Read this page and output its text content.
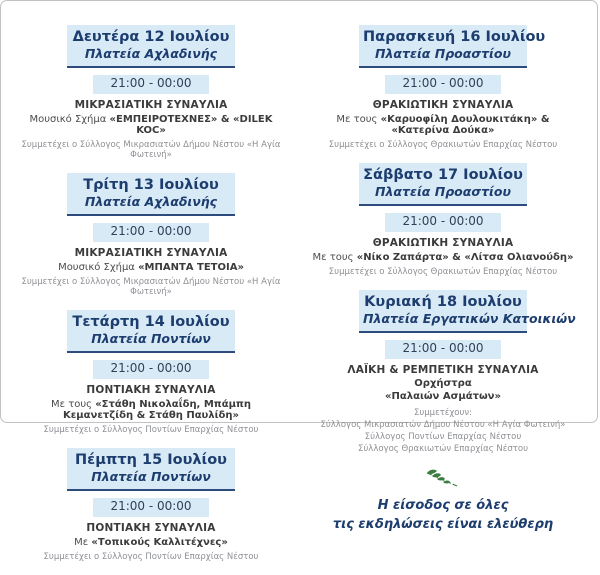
Δευτέρα 12 Ιουλίου
Πλατεία Αχλαδινής
21:00 - 00:00
ΜΙΚΡΑΣΙΑΤΙΚΗ ΣΥΝΑΥΛΙΑ
Μουσικό Σχήμα «ΕΜΠΕΙΡΟΤΕΧΝΕΣ» & «DILEK KOC»
Συμμετέχει ο Σύλλογος Μικρασιατών Δήμου Νέστου «Η Αγία Φωτεινή»
Τρίτη 13 Ιουλίου
Πλατεία Αχλαδινής
21:00 - 00:00
ΜΙΚΡΑΣΙΑΤΙΚΗ ΣΥΝΑΥΛΙΑ
Μουσικό Σχήμα «ΜΠΑΝΤΑ ΤΕΤΟΙΑ»
Συμμετέχει ο Σύλλογος Μικρασιατών Δήμου Νέστου «Η Αγία Φωτεινή»
Τετάρτη 14 Ιουλίου
Πλατεία Ποντίων
21:00 - 00:00
ΠΟΝΤΙΑΚΗ ΣΥΝΑΥΛΙΑ
Με τους «Στάθη Νικολαΐδη, Μπάμπη Κεμανετζίδη & Στάθη Παυλίδη»
Συμμετέχει ο Σύλλογος Ποντίων Επαρχίας Νέστου
Πέμπτη 15 Ιουλίου
Πλατεία Ποντίων
21:00 - 00:00
ΠΟΝΤΙΑΚΗ ΣΥΝΑΥΛΙΑ
Με «Τοπικούς Καλλιτέχνες»
Συμμετέχει ο Σύλλογος Ποντίων Επαρχίας Νέστου
Παρασκευή 16 Ιουλίου
Πλατεία Προαστίου
21:00 - 00:00
ΘΡΑΚΙΩΤΙΚΗ ΣΥΝΑΥΛΙΑ
Με τους «Καρυοφίλη Δουλουκιτάκη» & «Κατερίνα Δούκα»
Συμμετέχει ο Σύλλογος Θρακιωτών Επαρχίας Νέστου
Σάββατο 17 Ιουλίου
Πλατεία Προαστίου
21:00 - 00:00
ΘΡΑΚΙΩΤΙΚΗ ΣΥΝΑΥΛΙΑ
Με τους «Νίκο Ζαπάρτα» & «Λίτσα Ολιανούδη»
Συμμετέχει ο Σύλλογος Θρακιωτών Επαρχίας Νέστου
Κυριακή 18 Ιουλίου
Πλατεία Εργατικών Κατοικιών
21:00 - 00:00
ΛΑΪΚΗ & ΡΕΜΠΕΤΙΚΗ ΣΥΝΑΥΛΙΑ
Ορχήστρα
«Παλαιών Ασμάτων»
Συμμετέχουν:
Σύλλογος Μικρασιατών Δήμου Νέστου «Η Αγία Φωτεινή»
Σύλλογος Ποντίων Επαρχίας Νέστου
Σύλλογος Θρακιωτών Επαρχίας Νέστου
Η είσοδος σε όλες
τις εκδηλώσεις είναι ελεύθερη
